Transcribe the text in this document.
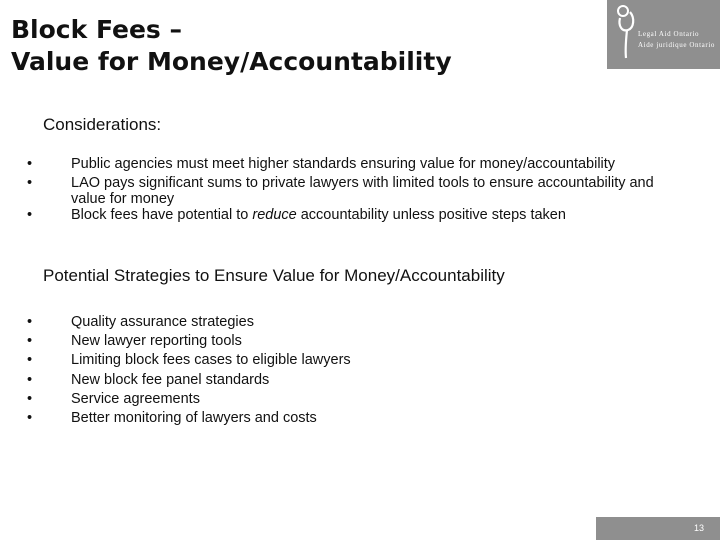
Block Fees –
Value for Money/Accountability
Legal Aid Ontario
Aide juridique Ontario
Considerations:
•	Public agencies must meet higher standards ensuring value for money/accountability
•	LAO pays significant sums to private lawyers with limited tools to ensure accountability and value for money
•	Block fees have potential to reduce accountability unless positive steps taken
Potential Strategies to Ensure Value for Money/Accountability
•	Quality assurance strategies
•	New lawyer reporting tools
•	Limiting block fees cases to eligible lawyers
•	New block fee panel standards
•	Service agreements
•	Better monitoring of lawyers and costs
13
